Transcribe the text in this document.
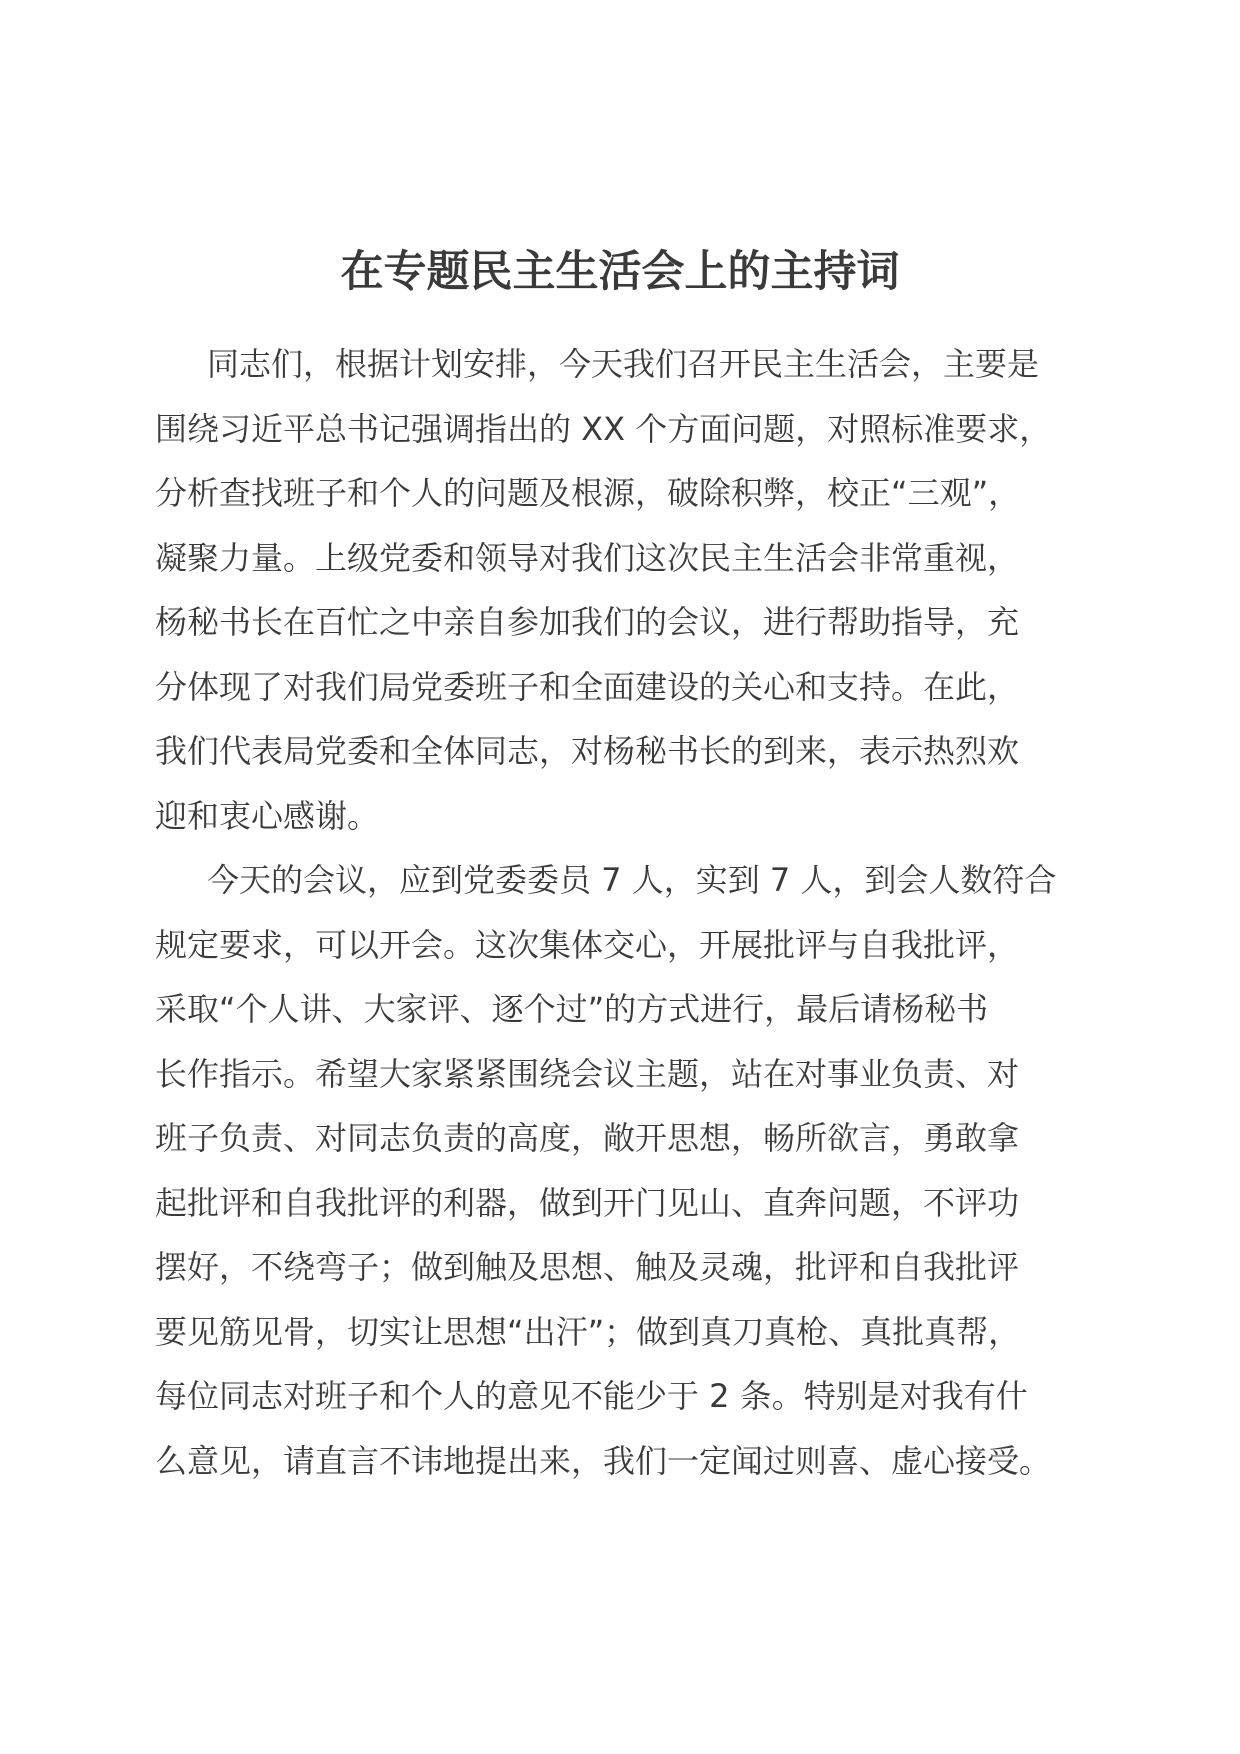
在专题民主生活会上的主持词
同志们，根据计划安排，今天我们召开民主生活会，主要是
围绕习近平总书记强调指出的 XX 个方面问题，对照标准要求，
分析查找班子和个人的问题及根源，破除积弊，校正“三观”，
凝聚力量。上级党委和领导对我们这次民主生活会非常重视，
杨秘书长在百忙之中亲自参加我们的会议，进行帮助指导，充
分体现了对我们局党委班子和全面建设的关心和支持。在此，
我们代表局党委和全体同志，对杨秘书长的到来，表示热烈欢
迎和衷心感谢。
今天的会议，应到党委委员 7 人，实到 7 人，到会人数符合
规定要求，可以开会。这次集体交心，开展批评与自我批评，
采取“个人讲、大家评、逐个过”的方式进行，最后请杨秘书
长作指示。希望大家紧紧围绕会议主题，站在对事业负责、对
班子负责、对同志负责的高度，敞开思想，畅所欲言，勇敢拿
起批评和自我批评的利器，做到开门见山、直奔问题，不评功
摆好，不绕弯子；做到触及思想、触及灵魂，批评和自我批评
要见筋见骨，切实让思想“出汗”；做到真刀真枪、真批真帮，
每位同志对班子和个人的意见不能少于 2 条。特别是对我有什
么意见，请直言不讳地提出来，我们一定闻过则喜、虚心接受。
